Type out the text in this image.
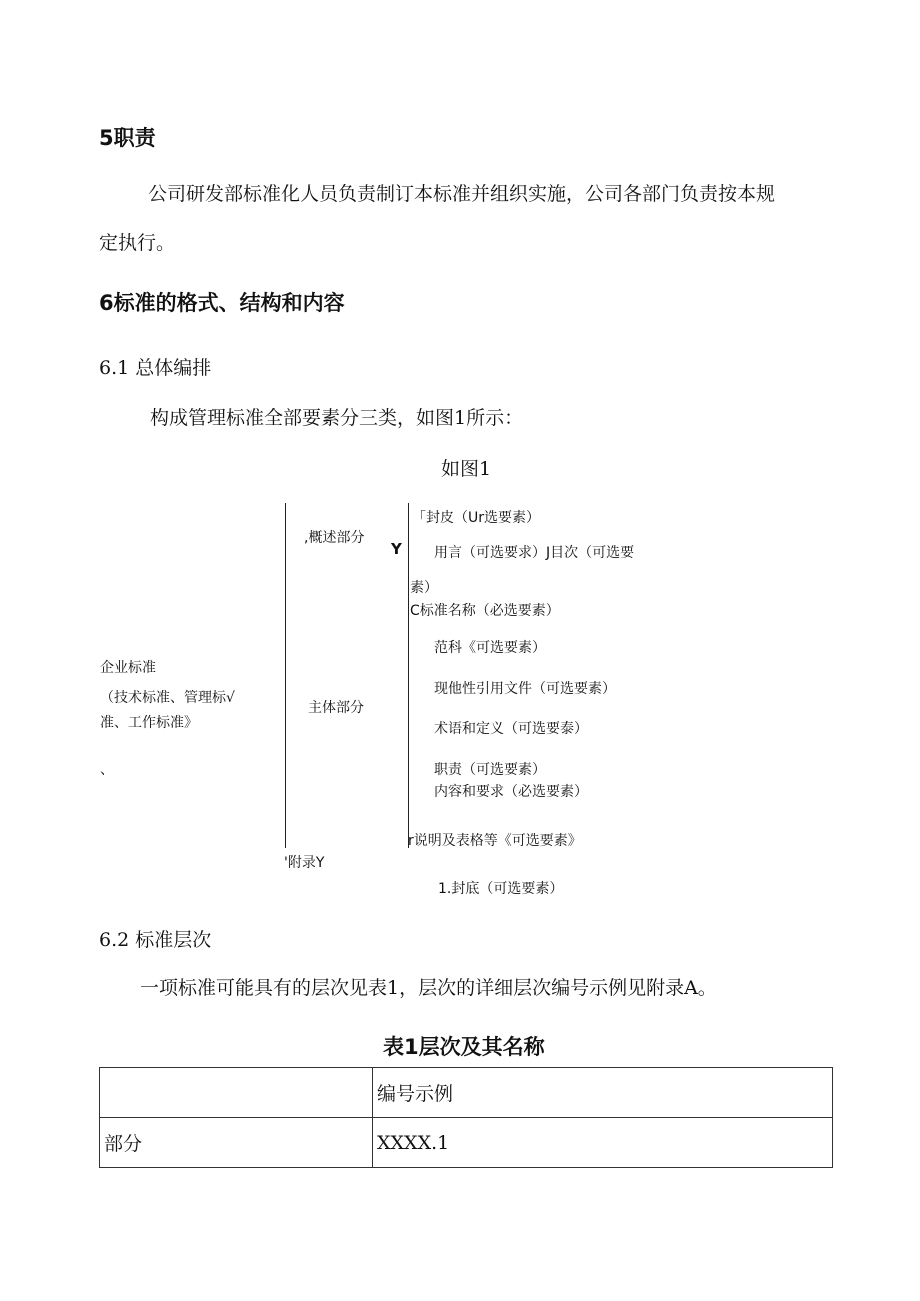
5职责
公司研发部标准化人员负责制订本标准并组织实施，公司各部门负责按本规
定执行。
6标准的格式、结构和内容
6.1 总体编排
构成管理标准全部要素分三类，如图1所示：
如图1
企业标准
（技术标准、管理标√
准、工作标准》
、
,概述部分
主体部分
'附录Y
Y
「封皮（Ur选要素）
用言（可选要求）J目次（可选要
素）
C标准名称（必选要素）
范科《可选要素）
现他性引用文件（可选要素）
术语和定义（可选要泰）
职责（可选要素）
内容和要求（必选要素）
r说明及表格等《可选要素》
1.封底（可选要素）
6.2 标准层次
一项标准可能具有的层次见表1，层次的详细层次编号示例见附录A。
表1层次及其名称
	编号示例
部分	XXXX.1
